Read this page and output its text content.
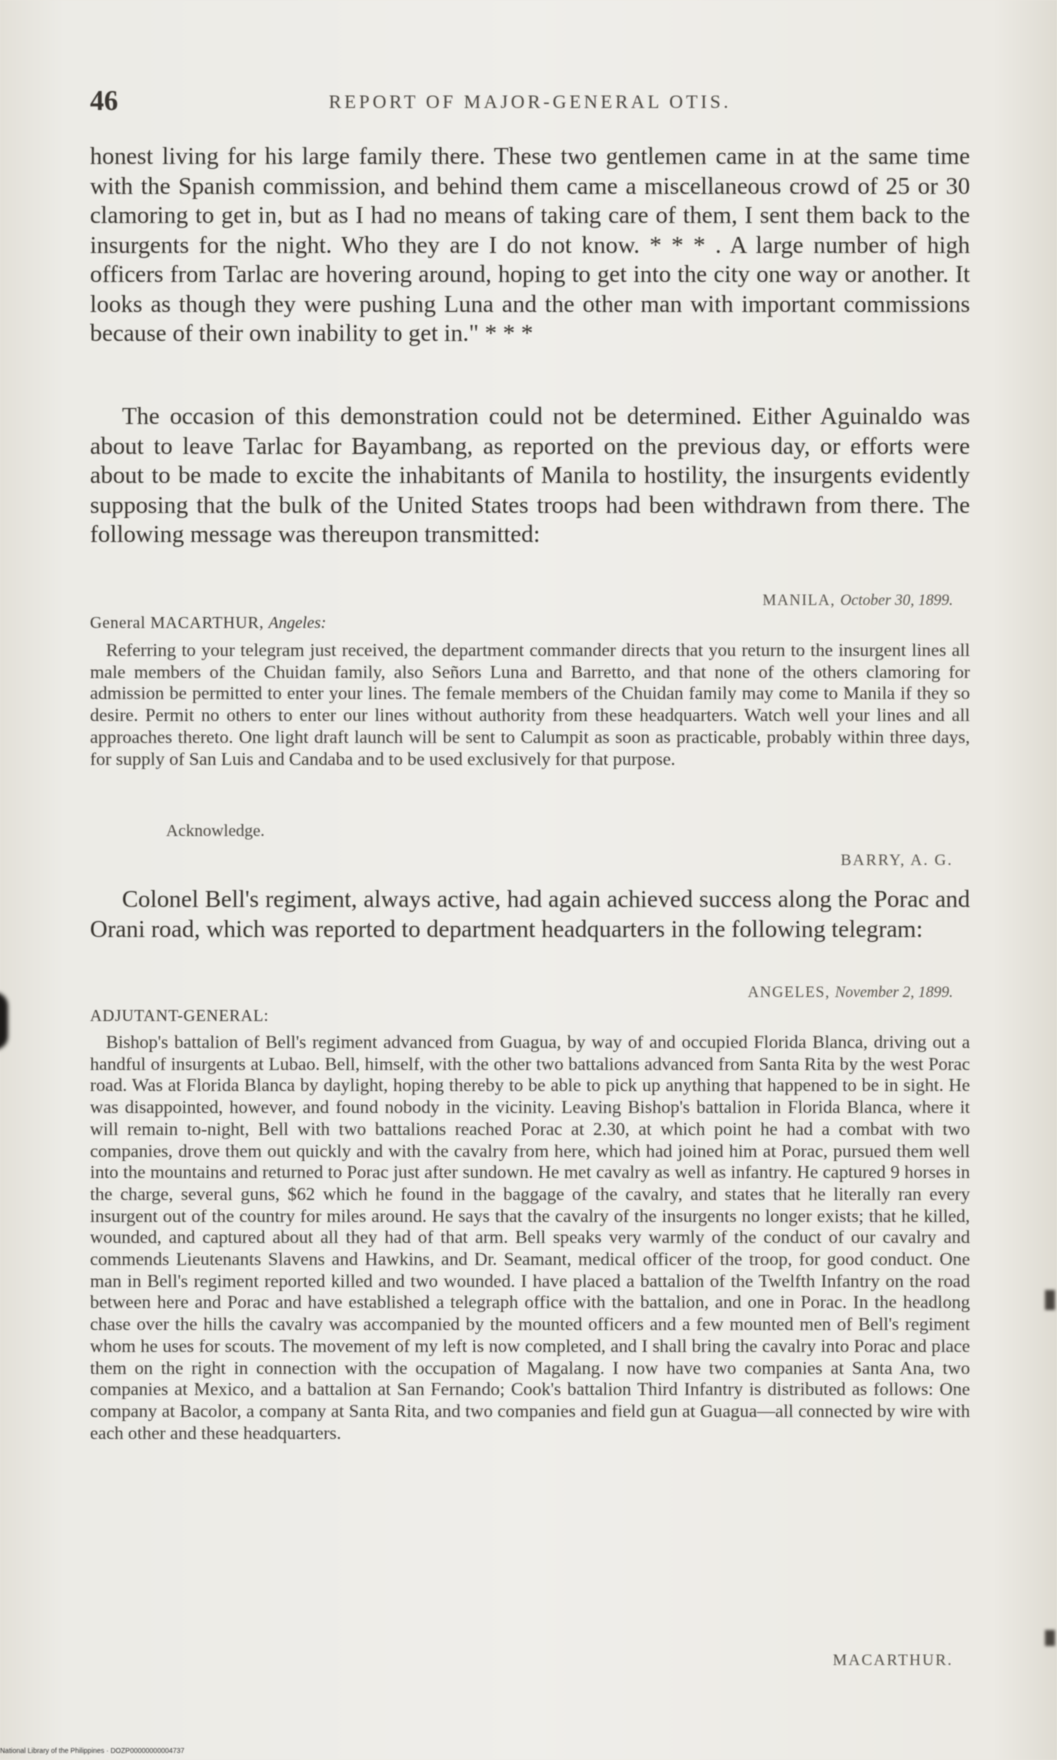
46	REPORT OF MAJOR-GENERAL OTIS.

honest living for his large family there. These two gentlemen came in at the same time with the Spanish commission, and behind them came a miscellaneous crowd of 25 or 30 clamoring to get in, but as I had no means of taking care of them, I sent them back to the insurgents for the night. Who they are I do not know. * * * . A large number of high officers from Tarlac are hovering around, hoping to get into the city one way or another. It looks as though they were pushing Luna and the other man with important commissions because of their own inability to get in." * * *

The occasion of this demonstration could not be determined. Either Aguinaldo was about to leave Tarlac for Bayambang, as reported on the previous day, or efforts were about to be made to excite the inhabitants of Manila to hostility, the insurgents evidently supposing that the bulk of the United States troops had been withdrawn from there. The following message was thereupon transmitted:

MANILA, October 30, 1899.
General MACARTHUR, Angeles:

Referring to your telegram just received, the department commander directs that you return to the insurgent lines all male members of the Chuidan family, also Señors Luna and Barretto, and that none of the others clamoring for admission be permitted to enter your lines. The female members of the Chuidan family may come to Manila if they so desire. Permit no others to enter our lines without authority from these headquarters. Watch well your lines and all approaches thereto. One light draft launch will be sent to Calumpit as soon as practicable, probably within three days, for supply of San Luis and Candaba and to be used exclusively for that purpose.

Acknowledge.
BARRY, A. G.

Colonel Bell's regiment, always active, had again achieved success along the Porac and Orani road, which was reported to department headquarters in the following telegram:

ANGELES, November 2, 1899.
ADJUTANT-GENERAL:

Bishop's battalion of Bell's regiment advanced from Guagua, by way of and occupied Florida Blanca, driving out a handful of insurgents at Lubao. Bell, himself, with the other two battalions advanced from Santa Rita by the west Porac road. Was at Florida Blanca by daylight, hoping thereby to be able to pick up anything that happened to be in sight. He was disappointed, however, and found nobody in the vicinity. Leaving Bishop's battalion in Florida Blanca, where it will remain to-night, Bell with two battalions reached Porac at 2.30, at which point he had a combat with two companies, drove them out quickly and with the cavalry from here, which had joined him at Porac, pursued them well into the mountains and returned to Porac just after sundown. He met cavalry as well as infantry. He captured 9 horses in the charge, several guns, $62 which he found in the baggage of the cavalry, and states that he literally ran every insurgent out of the country for miles around. He says that the cavalry of the insurgents no longer exists; that he killed, wounded, and captured about all they had of that arm. Bell speaks very warmly of the conduct of our cavalry and commends Lieutenants Slavens and Hawkins, and Dr. Seamant, medical officer of the troop, for good conduct. One man in Bell's regiment reported killed and two wounded. I have placed a battalion of the Twelfth Infantry on the road between here and Porac and have established a telegraph office with the battalion, and one in Porac. In the headlong chase over the hills the cavalry was accompanied by the mounted officers and a few mounted men of Bell's regiment whom he uses for scouts. The movement of my left is now completed, and I shall bring the cavalry into Porac and place them on the right in connection with the occupation of Magalang. I now have two companies at Santa Ana, two companies at Mexico, and a battalion at San Fernando; Cook's battalion Third Infantry is distributed as follows: One company at Bacolor, a company at Santa Rita, and two companies and field gun at Guagua—all connected by wire with each other and these headquarters.

MACARTHUR.
National Library of the Philippines · DOZP00000000004737
